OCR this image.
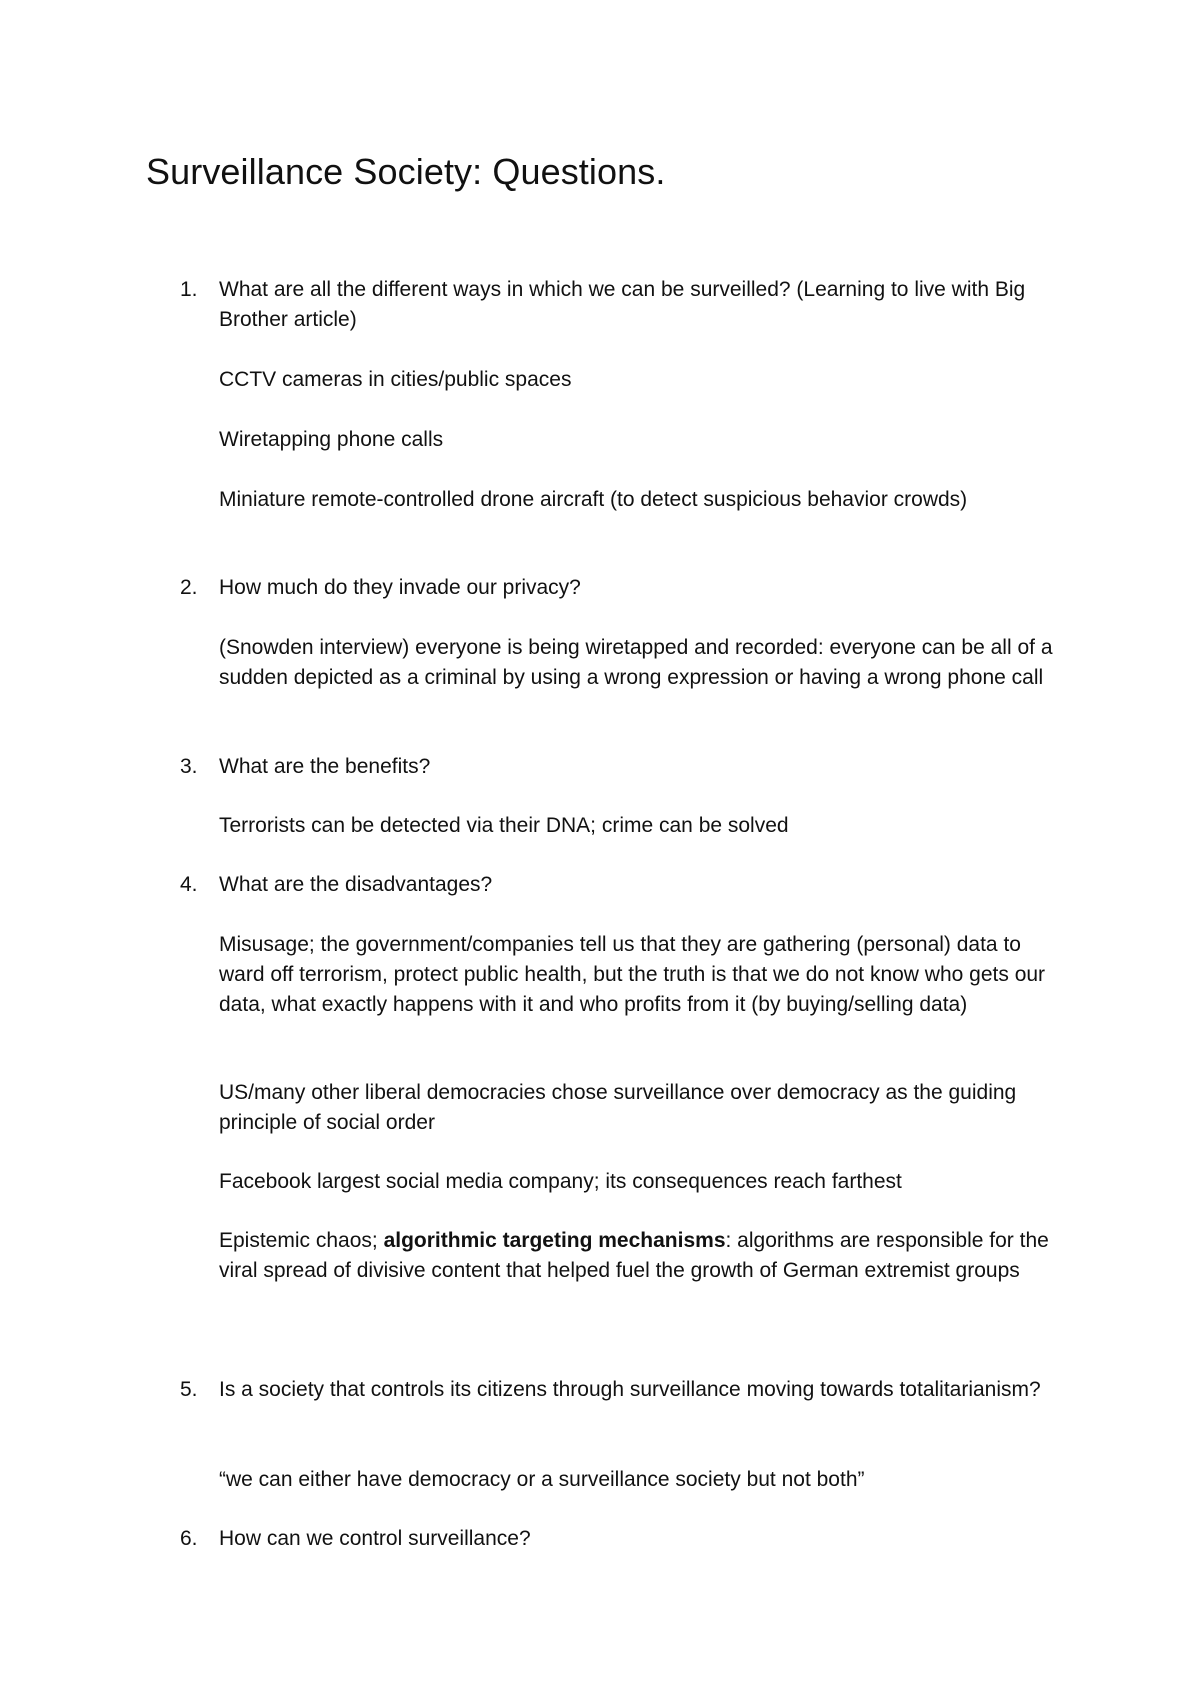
Surveillance Society: Questions.
1. What are all the different ways in which we can be surveilled? (Learning to live with Big Brother article)
CCTV cameras in cities/public spaces
Wiretapping phone calls
Miniature remote-controlled drone aircraft (to detect suspicious behavior crowds)
2. How much do they invade our privacy?
(Snowden interview) everyone is being wiretapped and recorded: everyone can be all of a sudden depicted as a criminal by using a wrong expression or having a wrong phone call
3. What are the benefits?
Terrorists can be detected via their DNA; crime can be solved
4. What are the disadvantages?
Misusage; the government/companies tell us that they are gathering (personal) data to ward off terrorism, protect public health, but the truth is that we do not know who gets our data, what exactly happens with it and who profits from it (by buying/selling data)
US/many other liberal democracies chose surveillance over democracy as the guiding principle of social order
Facebook largest social media company; its consequences reach farthest
Epistemic chaos; algorithmic targeting mechanisms: algorithms are responsible for the viral spread of divisive content that helped fuel the growth of German extremist groups
5. Is a society that controls its citizens through surveillance moving towards totalitarianism?
“we can either have democracy or a surveillance society but not both”
6. How can we control surveillance?
